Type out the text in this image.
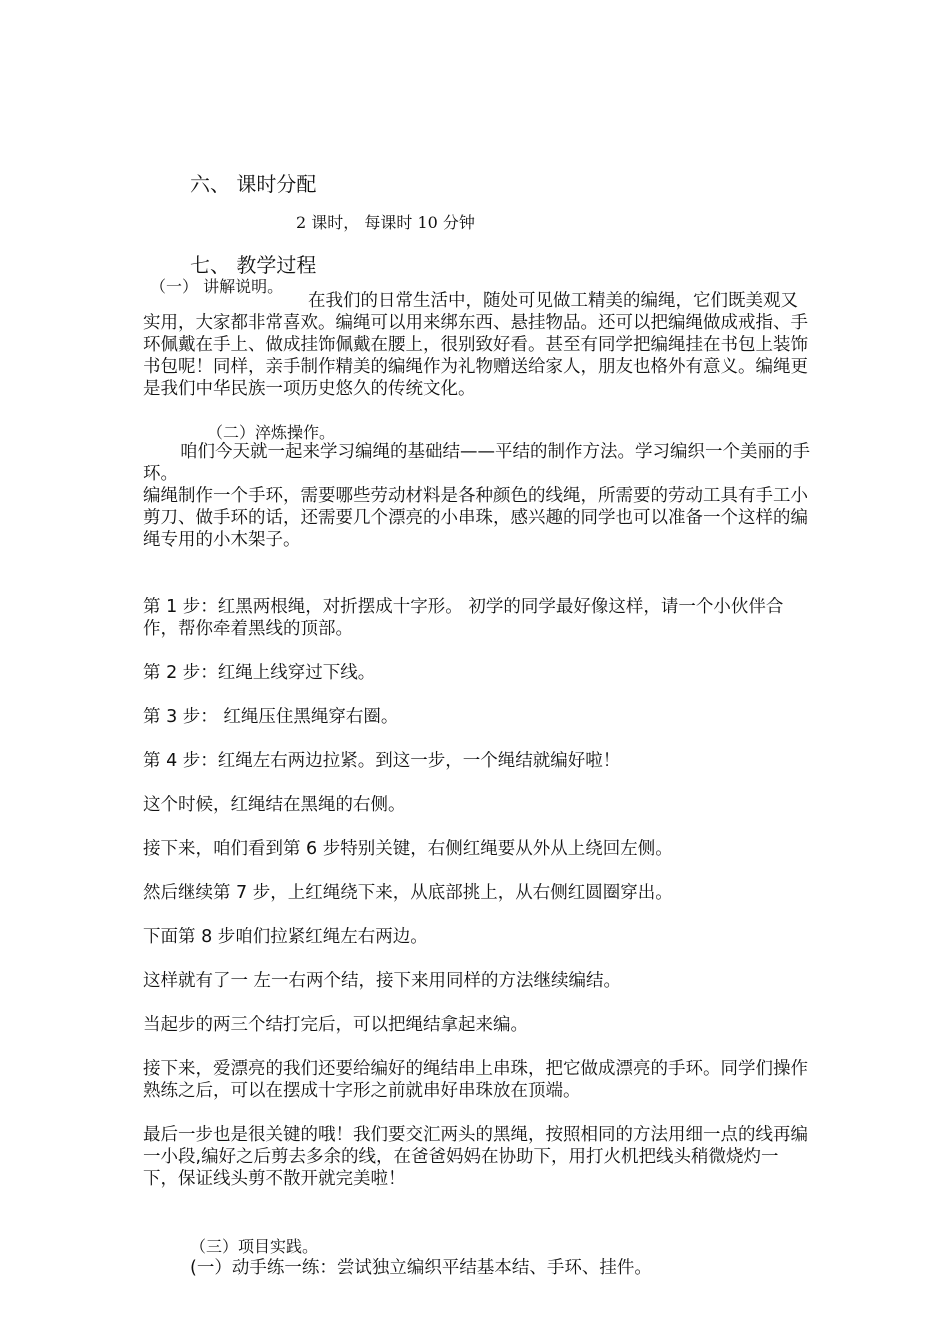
六、 课时分配

2 课时， 每课时 10 分钟

七、 教学过程

（一） 讲解说明。

在我们的日常生活中，随处可见做工精美的编绳，它们既美观又实用，大家都非常喜欢。编绳可以用来绑东西、悬挂物品。还可以把编绳做成戒指、手环佩戴在手上、做成挂饰佩戴在腰上，很别致好看。甚至有同学把编绳挂在书包上装饰书包呢！同样，亲手制作精美的编绳作为礼物赠送给家人，朋友也格外有意义。编绳更是我们中华民族一项历史悠久的传统文化。

（二）淬炼操作。

咱们今天就一起来学习编绳的基础结——平结的制作方法。学习编织一个美丽的手环。

编绳制作一个手环，需要哪些劳动材料是各种颜色的线绳，所需要的劳动工具有手工小剪刀、做手环的话，还需要几个漂亮的小串珠，感兴趣的同学也可以准备一个这样的编绳专用的小木架子。

第 1 步：红黑两根绳，对折摆成十字形。 初学的同学最好像这样，请一个小伙伴合作，帮你牵着黑线的顶部。

第 2 步：红绳上线穿过下线。

第 3 步： 红绳压住黑绳穿右圈。

第 4 步：红绳左右两边拉紧。到这一步，一个绳结就编好啦！

这个时候，红绳结在黑绳的右侧。

接下来，咱们看到第 6 步特别关键，右侧红绳要从外从上绕回左侧。

然后继续第 7 步，上红绳绕下来，从底部挑上，从右侧红圆圈穿出。

下面第 8 步咱们拉紧红绳左右两边。

这样就有了一 左一右两个结，接下来用同样的方法继续编结。

当起步的两三个结打完后，可以把绳结拿起来编。

接下来，爱漂亮的我们还要给编好的绳结串上串珠，把它做成漂亮的手环。同学们操作熟练之后，可以在摆成十字形之前就串好串珠放在顶端。

最后一步也是很关键的哦！我们要交汇两头的黑绳，按照相同的方法用细一点的线再编一小段,编好之后剪去多余的线，在爸爸妈妈在协助下，用打火机把线头稍微烧灼一下，保证线头剪不散开就完美啦！

（三）项目实践。

(一）动手练一练：尝试独立编织平结基本结、手环、挂件。
